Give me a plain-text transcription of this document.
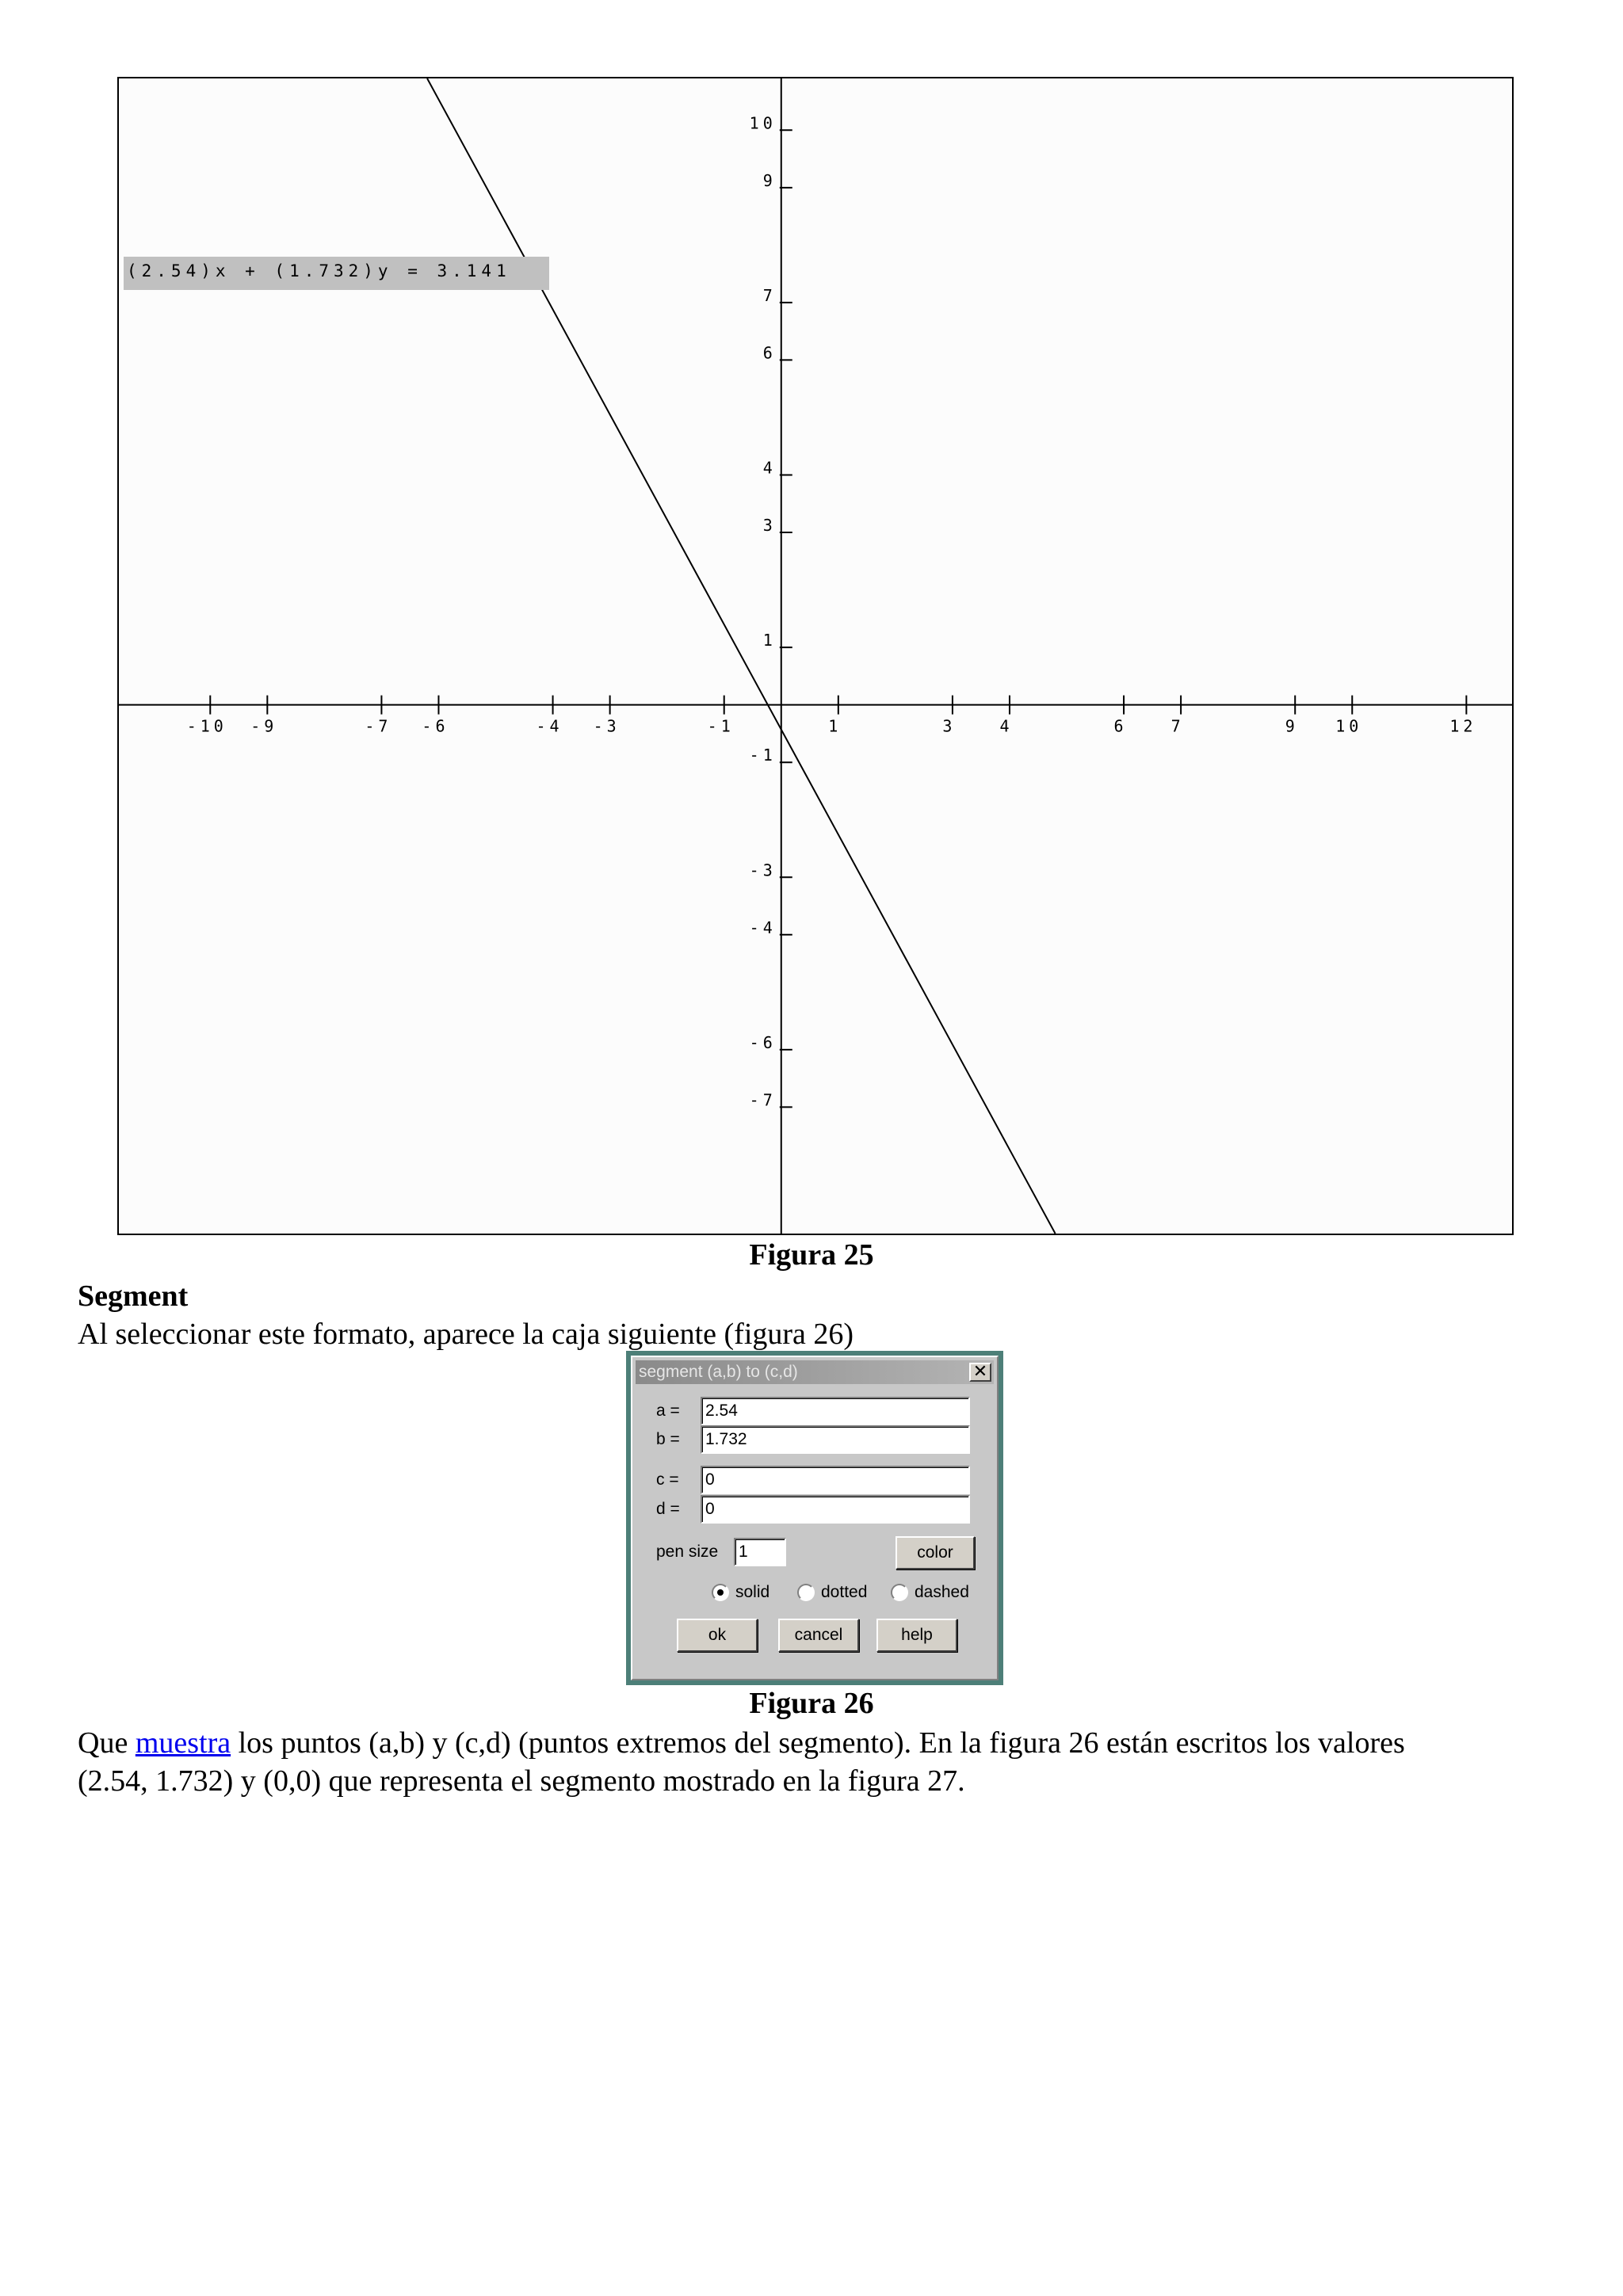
-10 -9	-7 -6	-4 -3	-1	1	3	4	6	7	9 10	12
10
9
7
6
4
3
1
-1
-3
-4
-6
-7
(2.54)x + (1.732)y = 3.141
Figura 25
Segment
Al seleccionar este formato, aparece la caja siguiente (figura 26)
segment (a,b) to (c,d)	✕
a = 2.54
b = 1.732
c = 0
d = 0
pen size 1	color
solid	dotted	dashed
ok	cancel	help
Figura 26
Que muestra los puntos (a,b) y (c,d) (puntos extremos del segmento). En la figura 26 están escritos los valores
(2.54, 1.732) y (0,0) que representa el segmento mostrado en la figura 27.
